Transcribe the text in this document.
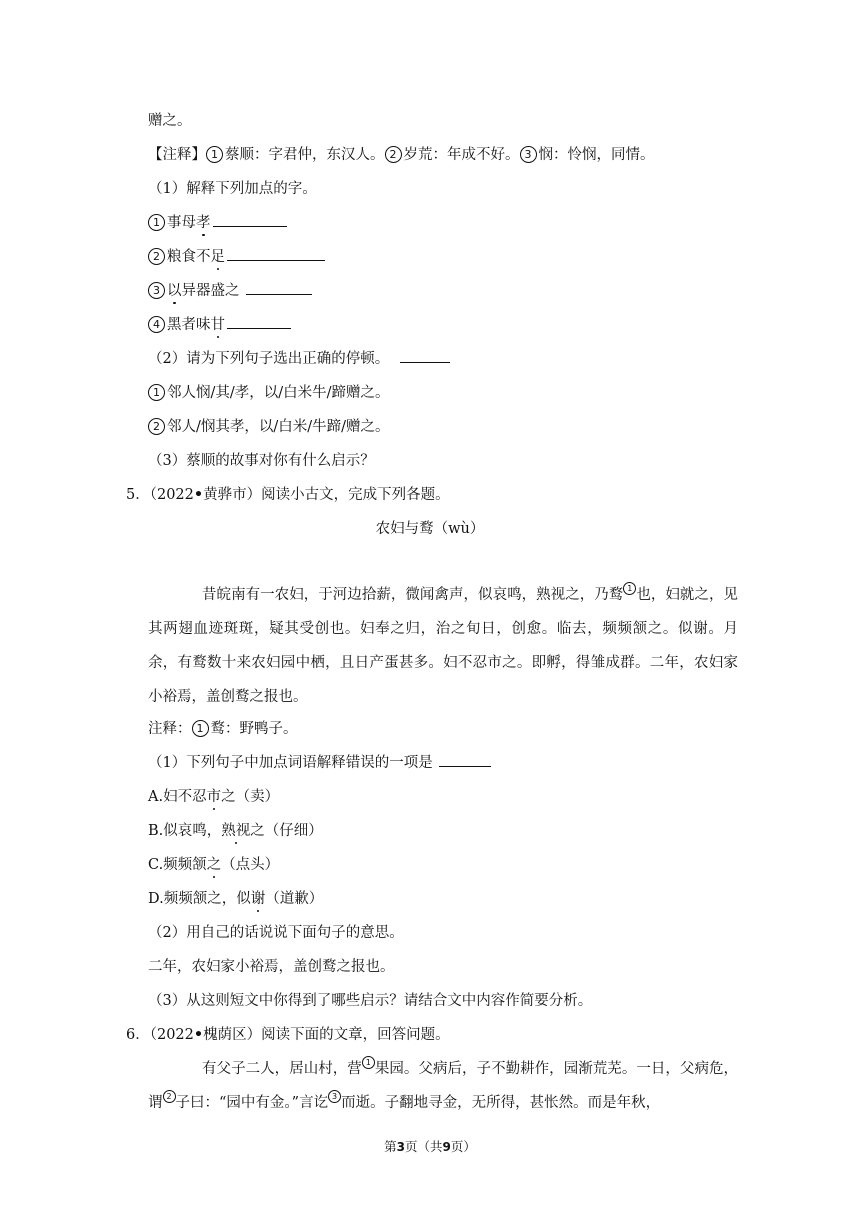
赠之。
【注释】 1 蔡顺：字君仲，东汉人。 2 岁荒：年成不好。 3 悯：怜悯，同情。
（1）解释下列加点的字。
1 事母孝
2 粮食不足
3 以异器盛之
4 黑者味甘
（2）请为下列句子选出正确的停顿。
1 邻人悯/其/孝，以/白米牛/蹄赠之。
2 邻人/悯其孝，以/白米/牛蹄/赠之。
（3）蔡顺的故事对你有什么启示？
5．（2022•黄骅市）阅读小古文，完成下列各题。
农妇与鹜（wù）
昔皖南有一农妇，于河边拾薪，微闻禽声，似哀鸣，熟视之，乃鹜 $^1$ 也，妇就之，见其两翅血迹斑斑，疑其受创也。妇奉之归，治之旬日，创愈。临去，频频颔之。似谢。月余，有鹜数十来农妇园中栖，且日产蛋甚多。妇不忍市之。即孵，得雏成群。二年，农妇家小裕焉，盖创鹜之报也。
注释： 1 鹜：野鸭子。
（1）下列句子中加点词语解释错误的一项是
A.妇不忍市之（卖）
B.似哀鸣，熟视之（仔细）
C.频频颔之（点头）
D.频频颔之，似谢（道歉）
（2）用自己的话说说下面句子的意思。
二年，农妇家小裕焉，盖创鹜之报也。
（3）从这则短文中你得到了哪些启示？请结合文中内容作简要分析。
6．（2022•槐荫区）阅读下面的文章，回答问题。
有父子二人，居山村，营 $^1$ 果园。父病后，子不勤耕作，园渐荒芜。一日，父病危，谓 $^2$ 子曰：“园中有金。”言讫 $^3$ 而逝。子翻地寻金，无所得，甚怅然。而是年秋，
第3页（共9页）
